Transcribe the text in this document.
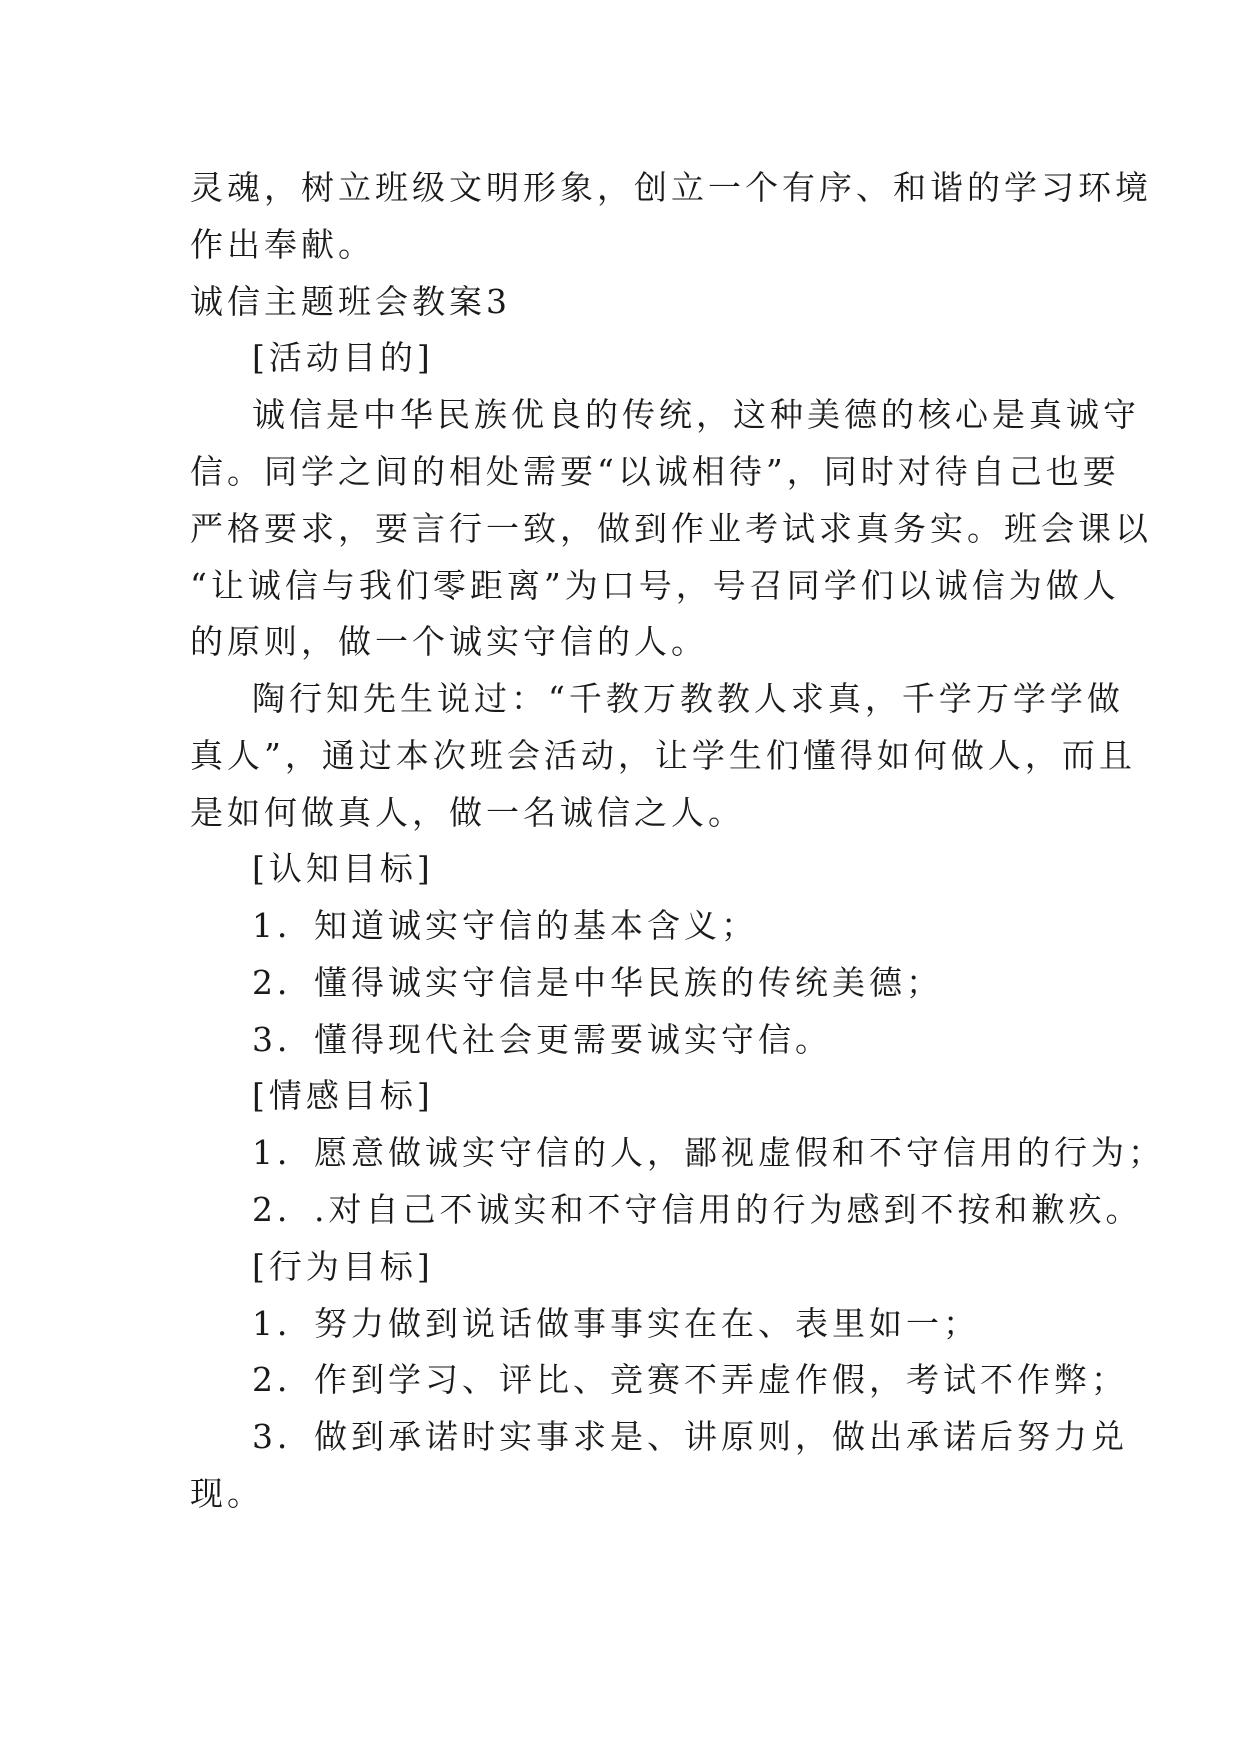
灵魂，树立班级文明形象，创立一个有序、和谐的学习环境
作出奉献。
诚信主题班会教案3
[活动目的]
诚信是中华民族优良的传统，这种美德的核心是真诚守
信。同学之间的相处需要“以诚相待”，同时对待自己也要
严格要求，要言行一致，做到作业考试求真务实。班会课以
“让诚信与我们零距离”为口号，号召同学们以诚信为做人
的原则，做一个诚实守信的人。
陶行知先生说过：“千教万教教人求真，千学万学学做
真人”，通过本次班会活动，让学生们懂得如何做人，而且
是如何做真人，做一名诚信之人。
[认知目标]
1．知道诚实守信的基本含义；
2．懂得诚实守信是中华民族的传统美德；
3．懂得现代社会更需要诚实守信。
[情感目标]
1．愿意做诚实守信的人，鄙视虚假和不守信用的行为；
2．.对自己不诚实和不守信用的行为感到不按和歉疚。
[行为目标]
1．努力做到说话做事事实在在、表里如一；
2．作到学习、评比、竞赛不弄虚作假，考试不作弊；
3．做到承诺时实事求是、讲原则，做出承诺后努力兑
现。
